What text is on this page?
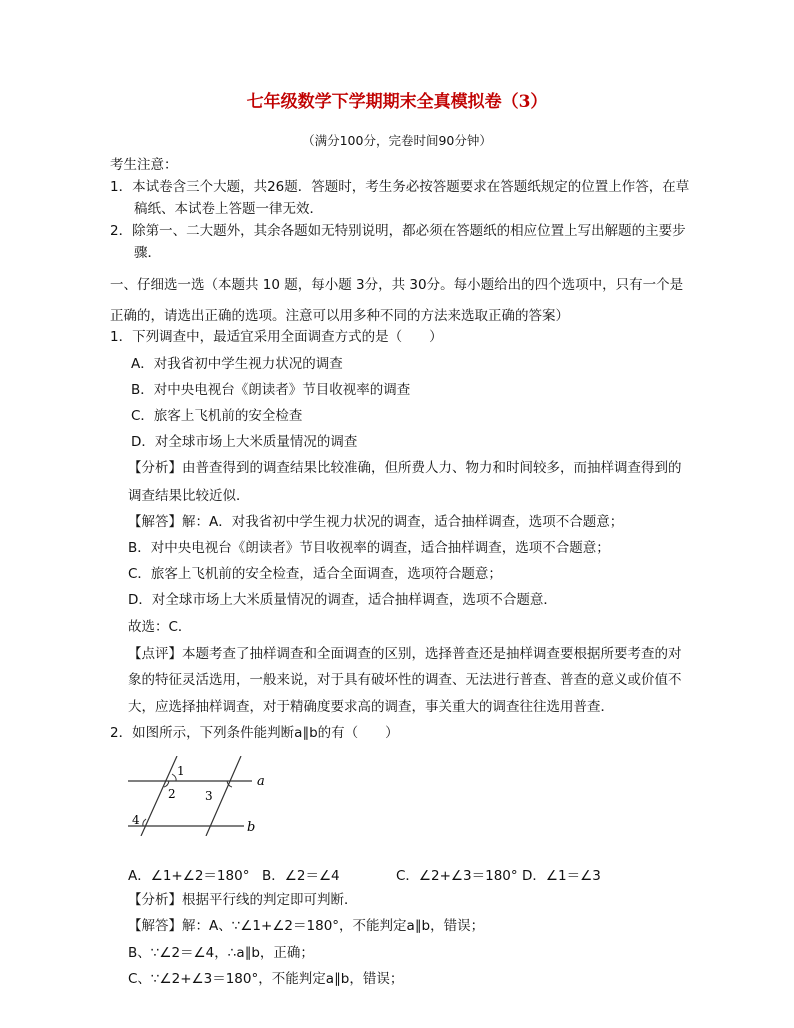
七年级数学下学期期末全真模拟卷（3）
（满分100分，完卷时间90分钟）
考生注意：
1．本试卷含三个大题，共26题．答题时，考生务必按答题要求在答题纸规定的位置上作答，在草
稿纸、本试卷上答题一律无效．
2．除第一、二大题外，其余各题如无特别说明，都必须在答题纸的相应位置上写出解题的主要步
骤．
一、仔细选一选（本题共 10 题，每小题 3分，共 30分。每小题给出的四个选项中，只有一个是
正确的，请选出正确的选项。注意可以用多种不同的方法来选取正确的答案）
1．下列调查中，最适宜采用全面调查方式的是（　　）
A．对我省初中学生视力状况的调查
B．对中央电视台《朗读者》节目收视率的调查
C．旅客上飞机前的安全检查
D．对全球市场上大米质量情况的调查
【分析】由普查得到的调查结果比较准确，但所费人力、物力和时间较多，而抽样调查得到的
调查结果比较近似．
【解答】解：A．对我省初中学生视力状况的调查，适合抽样调查，选项不合题意；
B．对中央电视台《朗读者》节目收视率的调查，适合抽样调查，选项不合题意；
C．旅客上飞机前的安全检查，适合全面调查，选项符合题意；
D．对全球市场上大米质量情况的调查，适合抽样调查，选项不合题意．
故选：C．
【点评】本题考查了抽样调查和全面调查的区别，选择普查还是抽样调查要根据所要考查的对
象的特征灵活选用，一般来说，对于具有破坏性的调查、无法进行普查、普查的意义或价值不
大，应选择抽样调查，对于精确度要求高的调查，事关重大的调查往往选用普查．
2．如图所示，下列条件能判断a∥b的有（　　）
a
b
1
2 3
4
A．∠1+∠2＝180° B．∠2＝∠4	C．∠2+∠3＝180° D．∠1＝∠3
【分析】根据平行线的判定即可判断．
【解答】解：A、∵∠1+∠2＝180°，不能判定a∥b，错误；
B、∵∠2＝∠4，∴a∥b，正确；
C、∵∠2+∠3＝180°，不能判定a∥b，错误；
